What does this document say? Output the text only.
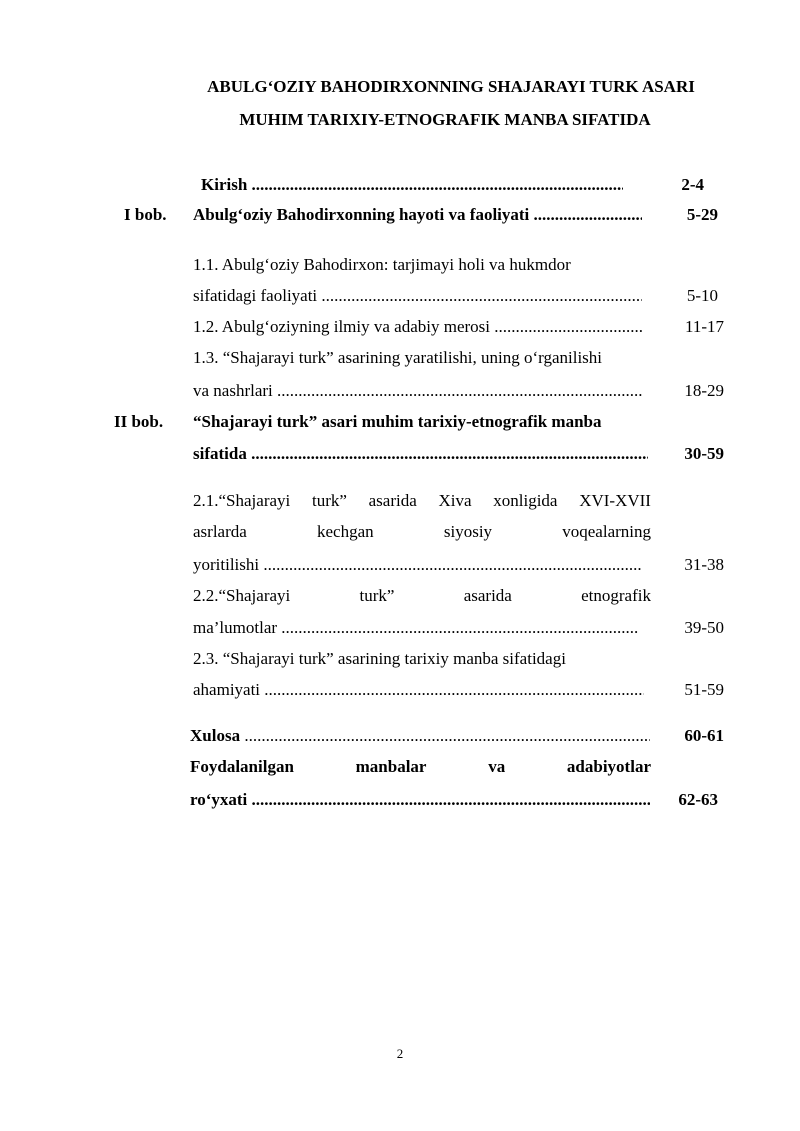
ABULG‘OZIY BAHODIRXONNING SHAJARAYI TURK ASARI
MUHIM TARIXIY-ETNOGRAFIK MANBA SIFATIDA
Kirish .....	2-4
I bob. Abulg‘oziy Bahodirxonning hayoti va faoliyati .....	5-29
1.1. Abulg‘oziy Bahodirxon: tarjimayi holi va hukmdor
sifatidagi faoliyati .....	5-10
1.2. Abulg‘oziyning ilmiy va adabiy merosi .....	11-17
1.3. “Shajarayi turk” asarining yaratilishi, uning o‘rganilishi
va nashrlari .....	18-29
II bob. “Shajarayi turk” asari muhim tarixiy-etnografik manba
sifatida .....	30-59
2.1.“Shajarayi turk” asarida Xiva xonligida XVI-XVII
asrlarda	kechgan	siyosiy	voqealarning
yoritilishi .....	31-38
2.2.“Shajarayi	turk”	asarida	etnografik
ma’lumotlar .....	39-50
2.3. “Shajarayi turk” asarining tarixiy manba sifatidagi
ahamiyati .....	51-59
Xulosa .....	60-61
Foydalanilgan	manbalar	va	adabiyotlar
ro‘yxati .....	62-63
2
